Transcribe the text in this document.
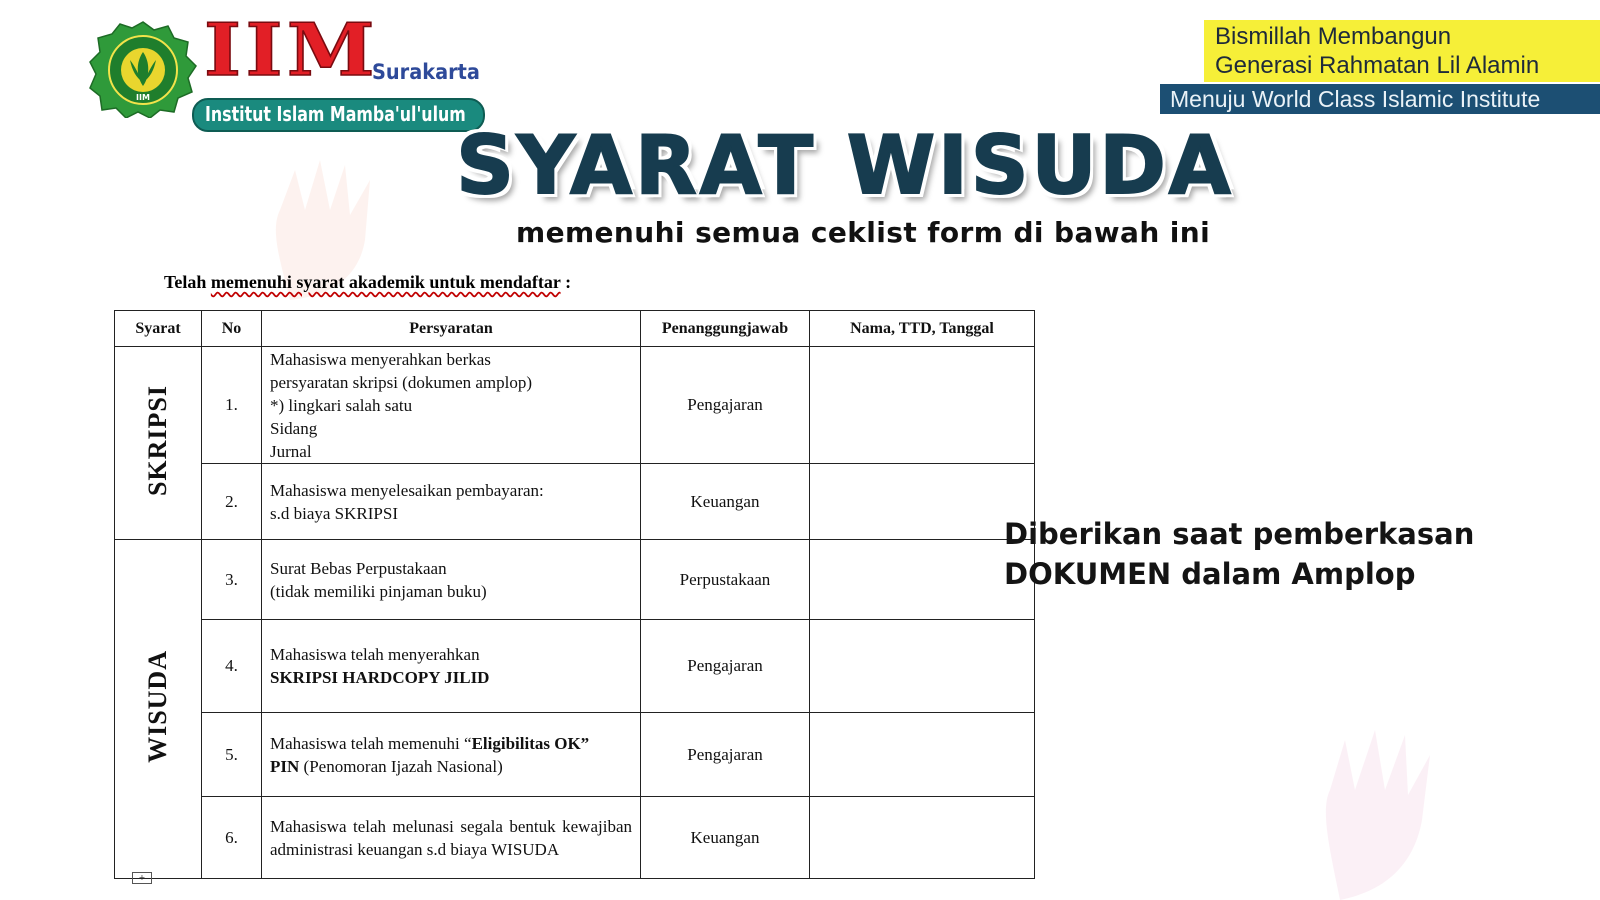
IIM
IIM
Surakarta
Institut Islam Mamba'ul'ulum
Bismillah Membangun
Generasi Rahmatan Lil Alamin
Menuju World Class Islamic Institute
SYARAT WISUDA
memenuhi semua ceklist form di bawah ini
Telah memenuhi syarat akademik untuk mendaftar :
Syarat	No	Persyaratan	Penanggungjawab	Nama, TTD, Tanggal
SKRIPSI	1.	Mahasiswa menyerahkan berkas
persyaratan skripsi (dokumen amplop)
*) lingkari salah satu
Sidang
Jurnal	Pengajaran	
	2.	Mahasiswa menyelesaikan pembayaran:
s.d biaya SKRIPSI	Keuangan	
WISUDA	3.	Surat Bebas Perpustakaan
(tidak memiliki pinjaman buku)	Perpustakaan	
	4.	Mahasiswa telah menyerahkan
SKRIPSI HARDCOPY JILID	Pengajaran	
	5.	Mahasiswa telah memenuhi “Eligibilitas OK”
PIN (Penomoran Ijazah Nasional)	Pengajaran	
	6.	Mahasiswa telah melunasi segala bentuk kewajiban administrasi keuangan s.d biaya WISUDA	Keuangan	
+
Diberikan saat pemberkasan
DOKUMEN dalam Amplop
